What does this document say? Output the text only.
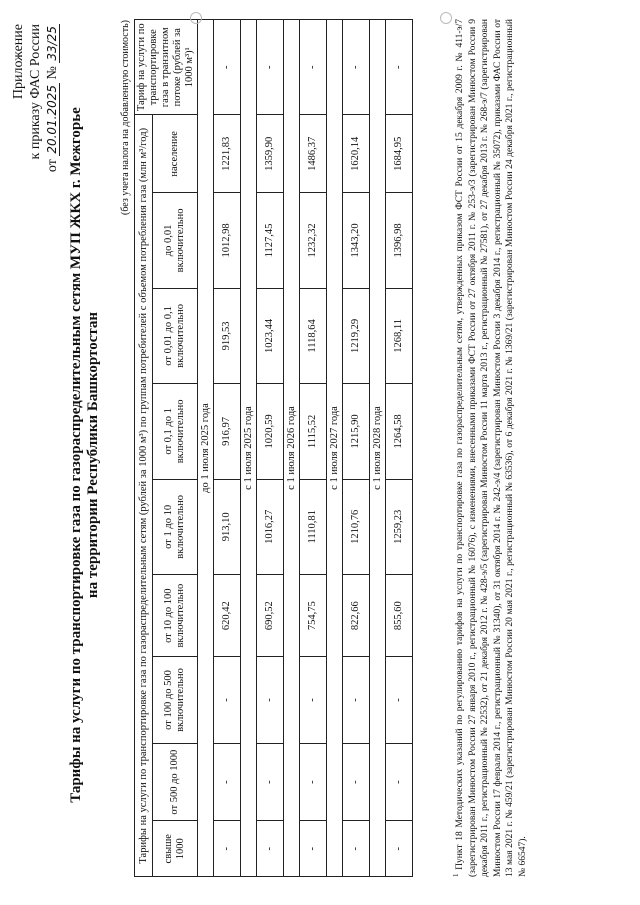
Приложение к приказу ФАС России
от 20.01.2025 № 33/25
Тарифы на услуги по транспортировке газа по газораспределительным сетям МУП ЖКХ г. Межгорье на территории Республики Башкортостан
(без учета налога на добавленную стоимость)
Тарифы на услуги по транспортировке газа по газораспределительным сетям (рублей за 1000 м³) по группам потребителей с объемом потребления газа (млн м³/год)									Тариф на услуги по транспортировке газа в транзитном потоке (рублей за 1000 м³)¹
свыше 1000	от 500 до 1000	от 100 до 500 включительно	от 10 до 100 включительно	от 1 до 10 включительно	от 0,1 до 1 включительно	от 0,01 до 0,1 включительно	до 0,01 включительно	население	
до 1 июля 2025 года									
-	-	-	620,42	913,10	916,97	919,53	1012,98	1221,83	-
с 1 июля 2025 года									
-	-	-	690,52	1016,27	1020,59	1023,44	1127,45	1359,90	-
с 1 июля 2026 года									
-	-	-	754,75	1110,81	1115,52	1118,64	1232,32	1486,37	-
с 1 июля 2027 года									
-	-	-	822,66	1210,76	1215,90	1219,29	1343,20	1620,14	-
с 1 июля 2028 года									
-	-	-	855,60	1259,23	1264,58	1268,11	1396,98	1684,95	-
$^1$ Пункт 18 Методических указаний по регулированию тарифов на услуги по транспортировке газа по газораспределительным сетям, утвержденных приказом ФСТ России от 15 декабря 2009 г. № 411-э/7 (зарегистрирован Минюстом России 27 января 2010 г., регистрационный № 16076), с изменениями, внесенными приказами ФСТ России от 27 октября 2011 г. № 253-э/3 (зарегистрирован Минюстом России 9 декабря 2011 г., регистрационный № 22532), от 21 декабря 2012 г. № 428-э/5 (зарегистрирован Минюстом России 11 марта 2013 г., регистрационный № 27581), от 27 декабря 2013 г. № 268-э/7 (зарегистрирован Минюстом России 17 февраля 2014 г., регистрационный № 31340), от 31 октября 2014 г. № 242-э/4 (зарегистрирован Минюстом России 3 декабря 2014 г., регистрационный № 35072), приказами ФАС России от 13 мая 2021 г. № 459/21 (зарегистрирован Минюстом России 20 мая 2021 г., регистрационный № 63536), от 6 декабря 2021 г. № 1369/21 (зарегистрирован Минюстом России 24 декабря 2021 г., регистрационный № 66547).
